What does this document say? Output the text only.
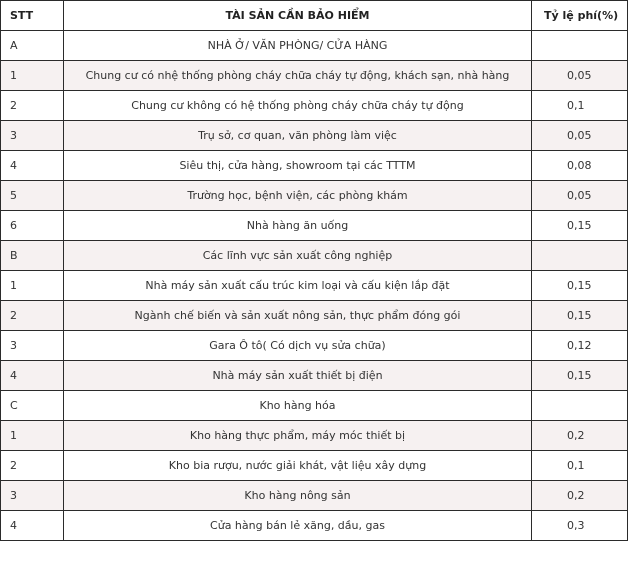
STT	TÀI SẢN CẦN BẢO HIỂM	Tỷ lệ phí(%)
A	NHÀ Ở/ VĂN PHÒNG/ CỬA HÀNG	
1	Chung cư có nhệ thống phòng cháy chữa cháy tự động, khách sạn, nhà hàng	0,05
2	Chung cư không có hệ thống phòng cháy chữa cháy tự động	0,1
3	Trụ sở, cơ quan, văn phòng làm việc	0,05
4	Siêu thị, cửa hàng, showroom tại các TTTM	0,08
5	Trường học, bệnh viện, các phòng khám	0,05
6	Nhà hàng ăn uống	0,15
B	Các lĩnh vực sản xuất công nghiệp	
1	Nhà máy sản xuất cấu trúc kim loại và cấu kiện lắp đặt	0,15
2	Ngành chế biến và sản xuất nông sản, thực phẩm đóng gói	0,15
3	Gara Ô tô( Có dịch vụ sửa chữa)	0,12
4	Nhà máy sản xuất thiết bị điện	0,15
C	Kho hàng hóa	
1	Kho hàng thực phẩm, máy móc thiết bị	0,2
2	Kho bia rượu, nước giải khát, vật liệu xây dựng	0,1
3	Kho hàng nông sản	0,2
4	Cửa hàng bán lẻ xăng, dầu, gas	0,3
